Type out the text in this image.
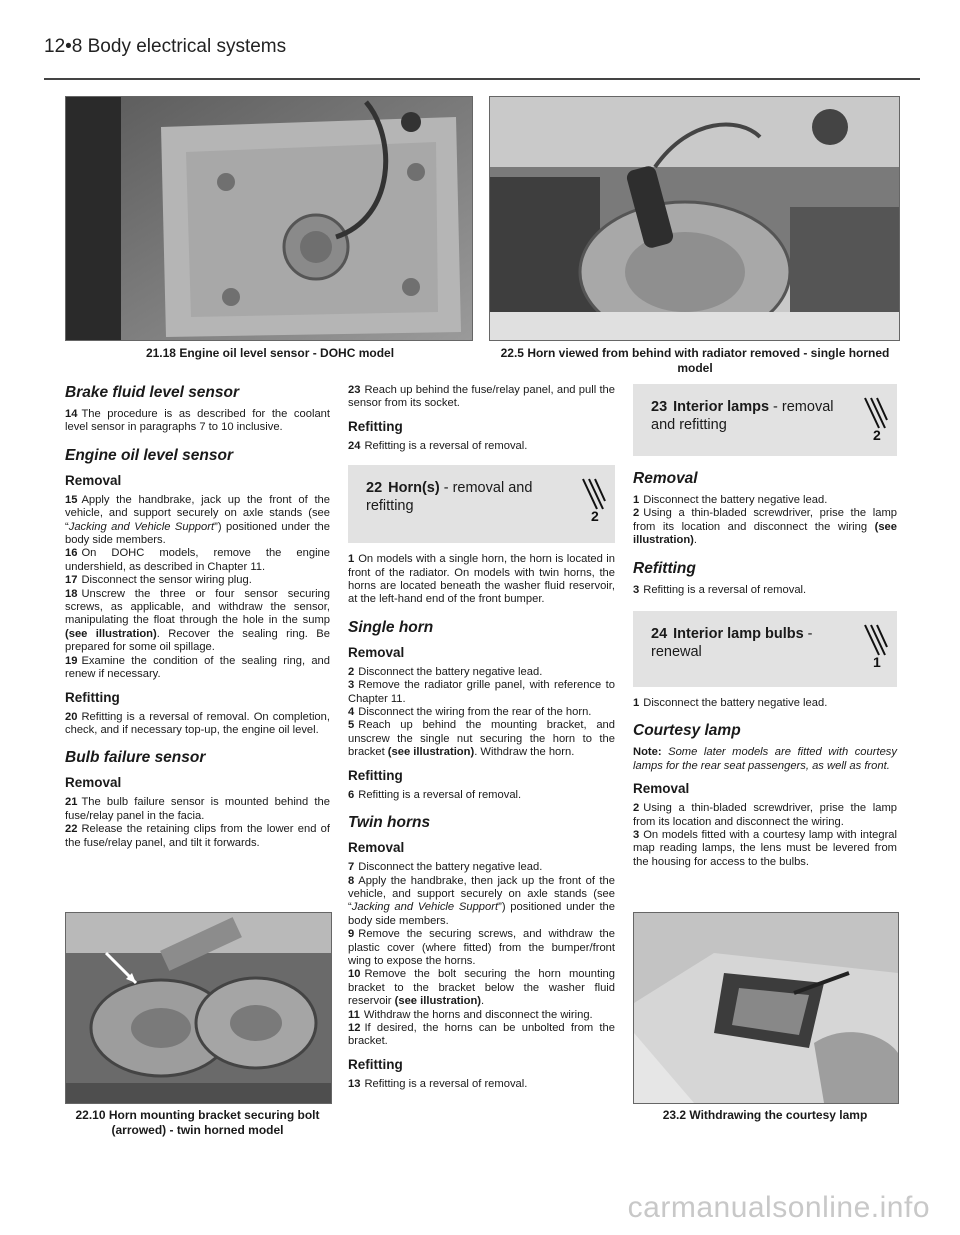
12•8 Body electrical systems
21.18 Engine oil level sensor - DOHC model	22.5 Horn viewed from behind with radiator removed - single horned model
Brake fluid level sensor

14 The procedure is as described for the coolant level sensor in paragraphs 7 to 10 inclusive.

Engine oil level sensor
Removal

15 Apply the handbrake, jack up the front of the vehicle, and support securely on axle stands (see “Jacking and Vehicle Support”) positioned under the body side members.

16 On DOHC models, remove the engine undershield, as described in Chapter 11.

17 Disconnect the sensor wiring plug.

18 Unscrew the three or four sensor securing screws, as applicable, and withdraw the sensor, manipulating the float through the hole in the sump (see illustration). Recover the sealing ring. Be prepared for some oil spillage.

19 Examine the condition of the sealing ring, and renew if necessary.

Refitting

20 Refitting is a reversal of removal. On completion, check, and if necessary top-up, the engine oil level.

Bulb failure sensor
Removal

21 The bulb failure sensor is mounted behind the fuse/relay panel in the facia.

22 Release the retaining clips from the lower end of the fuse/relay panel, and tilt it forwards.

22.10 Horn mounting bracket securing bolt (arrowed) - twin horned model

23 Reach up behind the fuse/relay panel, and pull the sensor from its socket.

Refitting

24 Refitting is a reversal of removal.

22 Horn(s) - removal and refitting
2

1 On models with a single horn, the horn is located in front of the radiator. On models with twin horns, the horns are located beneath the washer fluid reservoir, at the left-hand end of the front bumper.

Single horn
Removal

2 Disconnect the battery negative lead.

3 Remove the radiator grille panel, with reference to Chapter 11.

4 Disconnect the wiring from the rear of the horn.

5 Reach up behind the mounting bracket, and unscrew the single nut securing the horn to the bracket (see illustration). Withdraw the horn.

Refitting

6 Refitting is a reversal of removal.

Twin horns
Removal

7 Disconnect the battery negative lead.

8 Apply the handbrake, then jack up the front of the vehicle, and support securely on axle stands (see “Jacking and Vehicle Support”) positioned under the body side members.

9 Remove the securing screws, and withdraw the plastic cover (where fitted) from the bumper/front wing to expose the horns.

10 Remove the bolt securing the horn mounting bracket to the bracket below the washer fluid reservoir (see illustration).

11 Withdraw the horns and disconnect the wiring.

12 If desired, the horns can be unbolted from the bracket.

Refitting

13 Refitting is a reversal of removal.

23 Interior lamps - removal and refitting
2
Removal

1 Disconnect the battery negative lead.

2 Using a thin-bladed screwdriver, prise the lamp from its location and disconnect the wiring (see illustration).

Refitting

3 Refitting is a reversal of removal.

24 Interior lamp bulbs - renewal
1

1 Disconnect the battery negative lead.

Courtesy lamp

Note: Some later models are fitted with courtesy lamps for the rear seat passengers, as well as front.

Removal

2 Using a thin-bladed screwdriver, prise the lamp from its location and disconnect the wiring.

3 On models fitted with a courtesy lamp with integral map reading lamps, the lens must be levered from the housing for access to the bulbs.

23.2 Withdrawing the courtesy lamp
carmanualsonline.info
